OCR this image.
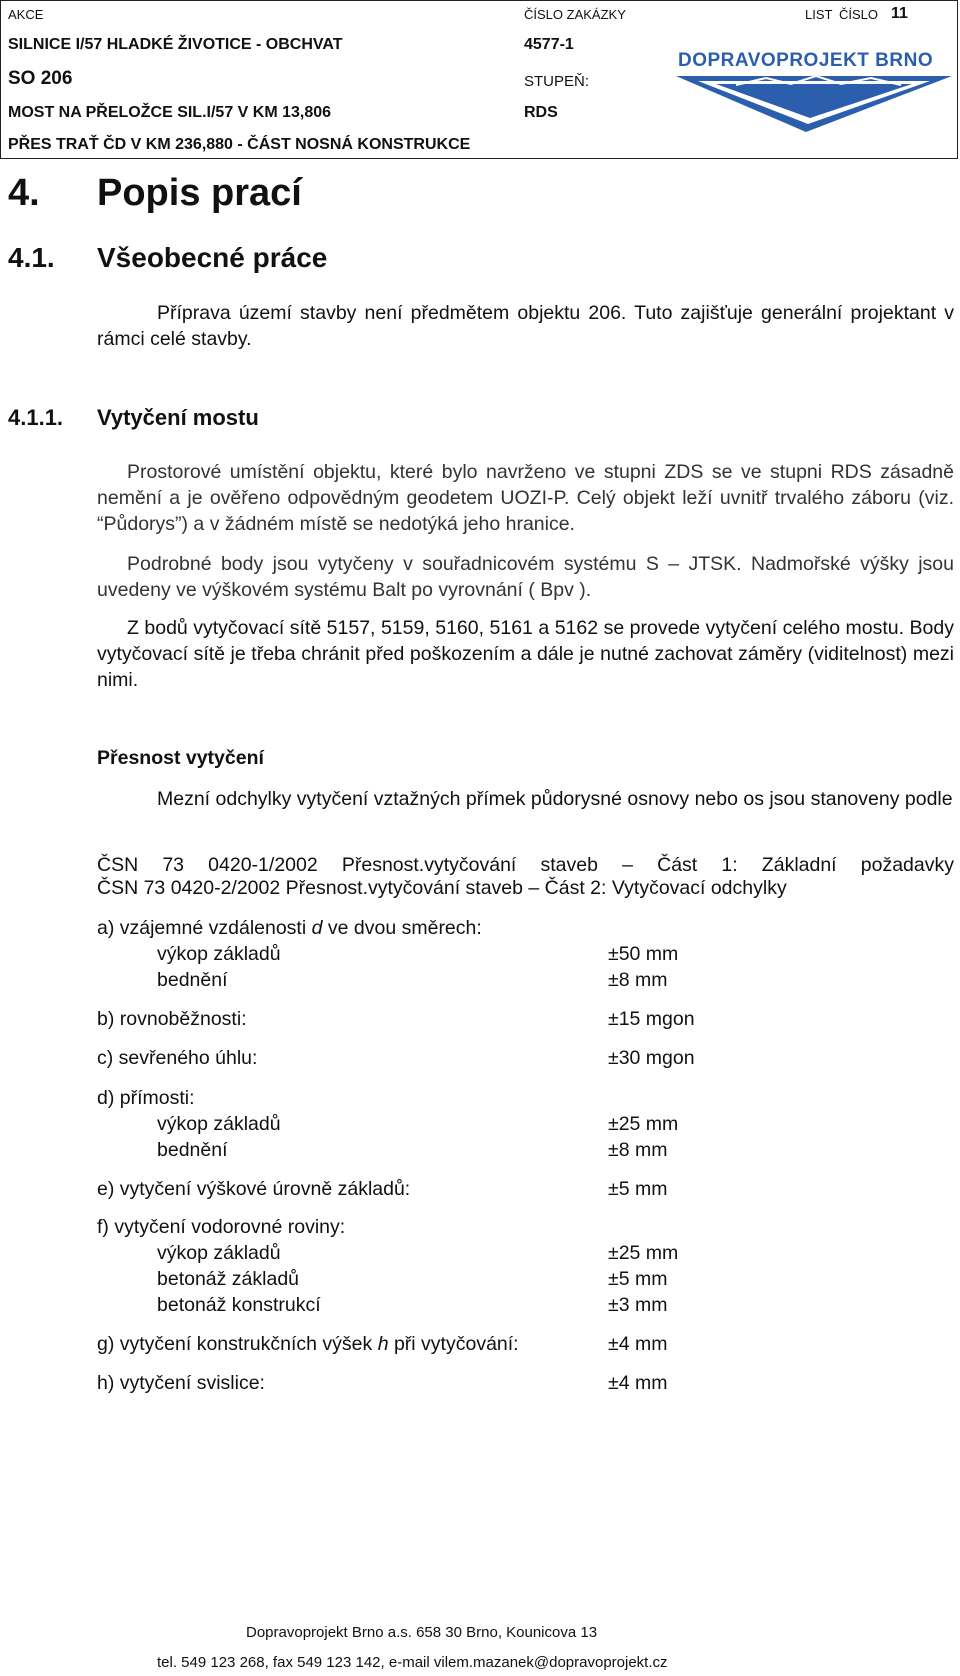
AKCE	ČÍSLO ZAKÁZKY	LIST ČÍSLO 11
SILNICE I/57 HLADKÉ ŽIVOTICE - OBCHVAT	4577-1
SO 206	STUPEŇ:
MOST NA PŘELOŽCE SIL.I/57 V KM 13,806	RDS
PŘES TRAŤ ČD V KM 236,880 - ČÁST NOSNÁ KONSTRUKCE
DOPRAVOPROJEKT BRNO
4. Popis prací
4.1. Všeobecné práce
Příprava území stavby není předmětem objektu 206. Tuto zajišťuje generální projektant v rámci celé stavby.
4.1.1. Vytyčení mostu
Prostorové umístění objektu, které bylo navrženo ve stupni ZDS se ve stupni RDS zásadně nemění a je ověřeno odpovědným geodetem UOZI-P. Celý objekt leží uvnitř trvalého záboru (viz. “Půdorys”) a v žádném místě se nedotýká jeho hranice.
Podrobné body jsou vytyčeny v souřadnicovém systému S – JTSK. Nadmořské výšky jsou uvedeny ve výškovém systému Balt po vyrovnání ( Bpv ).
Z bodů vytyčovací sítě 5157, 5159, 5160, 5161 a 5162 se provede vytyčení celého mostu. Body vytyčovací sítě je třeba chránit před poškozením a dále je nutné zachovat záměry (viditelnost) mezi nimi.
Přesnost vytyčení
Mezní odchylky vytyčení vztažných přímek půdorysné osnovy nebo os jsou stanoveny podle
ČSN 73 0420-1/2002 Přesnost.vytyčování staveb – Část 1: Základní požadavky
ČSN 73 0420-2/2002 Přesnost.vytyčování staveb – Část 2: Vytyčovací odchylky
a) vzájemné vzdálenosti d ve dvou směrech:
výkop základů	±50 mm
bednění	±8 mm
b) rovnoběžnosti:	±15 mgon
c) sevřeného úhlu:	±30 mgon
d) přímosti:
výkop základů	±25 mm
bednění	±8 mm
e) vytyčení výškové úrovně základů:	±5 mm
f) vytyčení vodorovné roviny:
výkop základů	±25 mm
betonáž základů	±5 mm
betonáž konstrukcí	±3 mm
g) vytyčení konstrukčních výšek h při vytyčování:	±4 mm
h) vytyčení svislice:	±4 mm
Dopravoprojekt Brno a.s. 658 30 Brno, Kounicova 13
tel. 549 123 268, fax 549 123 142, e-mail vilem.mazanek@dopravoprojekt.cz
